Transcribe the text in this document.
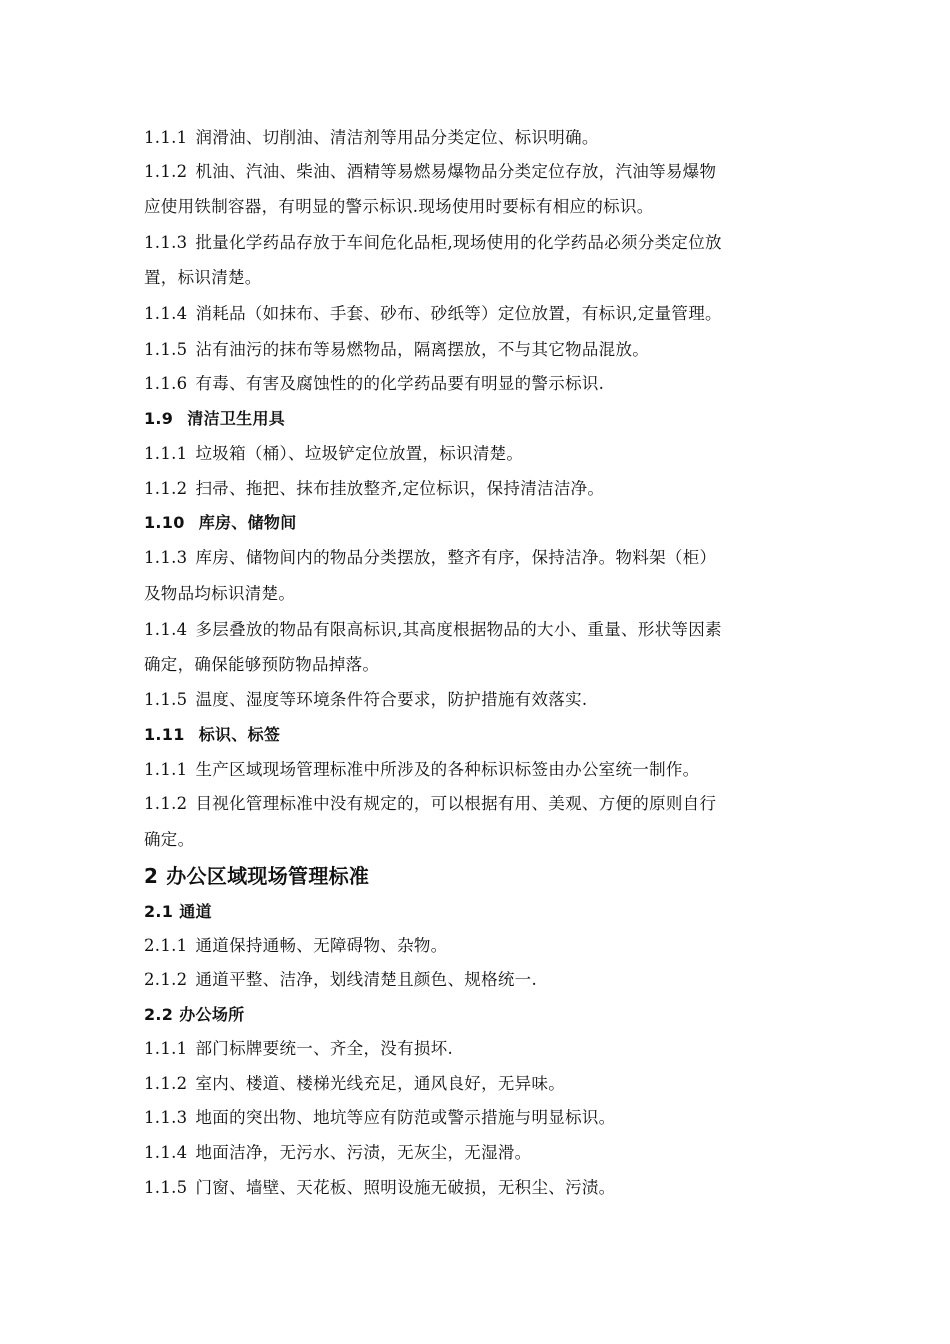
1.1.1 润滑油、切削油、清洁剂等用品分类定位、标识明确。
1.1.2 机油、汽油、柴油、酒精等易燃易爆物品分类定位存放，汽油等易爆物
应使用铁制容器，有明显的警示标识.现场使用时要标有相应的标识。
1.1.3 批量化学药品存放于车间危化品柜,现场使用的化学药品必须分类定位放
置，标识清楚。
1.1.4 消耗品（如抹布、手套、砂布、砂纸等）定位放置，有标识,定量管理。
1.1.5 沾有油污的抹布等易燃物品，隔离摆放，不与其它物品混放。
1.1.6 有毒、有害及腐蚀性的的化学药品要有明显的警示标识.
1.9 清洁卫生用具
1.1.1 垃圾箱（桶）、垃圾铲定位放置，标识清楚。
1.1.2 扫帚、拖把、抹布挂放整齐,定位标识，保持清洁洁净。
1.10 库房、储物间
1.1.3 库房、储物间内的物品分类摆放，整齐有序，保持洁净。物料架（柜）
及物品均标识清楚。
1.1.4 多层叠放的物品有限高标识,其高度根据物品的大小、重量、形状等因素
确定，确保能够预防物品掉落。
1.1.5 温度、湿度等环境条件符合要求，防护措施有效落实.
1.11 标识、标签
1.1.1 生产区域现场管理标准中所涉及的各种标识标签由办公室统一制作。
1.1.2 目视化管理标准中没有规定的，可以根据有用、美观、方便的原则自行
确定。
2 办公区域现场管理标准
2.1 通道
2.1.1 通道保持通畅、无障碍物、杂物。
2.1.2 通道平整、洁净，划线清楚且颜色、规格统一.
2.2 办公场所
1.1.1 部门标牌要统一、齐全，没有损坏.
1.1.2 室内、楼道、楼梯光线充足，通风良好，无异味。
1.1.3 地面的突出物、地坑等应有防范或警示措施与明显标识。
1.1.4 地面洁净，无污水、污渍，无灰尘，无湿滑。
1.1.5 门窗、墙壁、天花板、照明设施无破损，无积尘、污渍。
